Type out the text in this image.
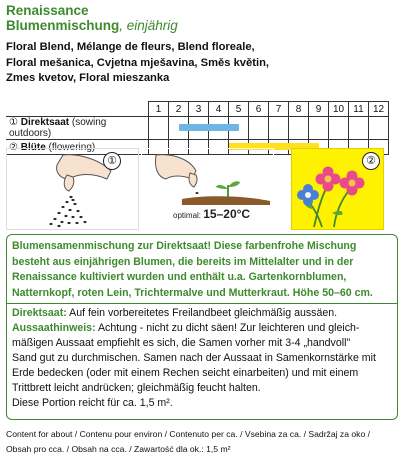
Renaissance
Blumenmischung, einjährig
Floral Blend, Mélange de fleurs, Blend floreale,
Floral mešanica, Cvjetna mješavina, Směs květin,
Zmes kvetov, Floral mieszanka
	1	2	3	4	5	6	7	8	9	10	11	12
① Direktsaat (sowing outdoors)												
② Blüte (flowering)												
①
optimal: 15–20°C
②
Blumensamenmischung zur Direktsaat! Diese farbenfrohe Mischung
besteht aus einjährigen Blumen, die bereits im Mittelalter und in der
Renaissance kultiviert wurden und enthält u.a. Gartenkornblumen,
Natternkopf, roten Lein, Trichtermalve und Mutterkraut. Höhe 50–60 cm.
Direktsaat: Auf fein vorbereitetes Freilandbeet gleichmäßig aussäen.
Aussaathinweis: Achtung - nicht zu dicht säen! Zur leichteren und gleich-
mäßigen Aussaat empfiehlt es sich, die Samen vorher mit 3-4 „handvoll"
Sand gut zu durchmischen. Samen nach der Aussaat in Samenkornstärke mit
Erde bedecken (oder mit einem Rechen seicht einarbeiten) und mit einem
Trittbrett leicht andrücken; gleichmäßig feucht halten.
Diese Portion reicht für ca. 1,5 m².
Content for about / Contenu pour environ / Contenuto per ca. / Vsebina za ca. / Sadržaj za oko /
Obsah pro cca. / Obsah na cca. / Zawartość dla ok.: 1,5 m²
